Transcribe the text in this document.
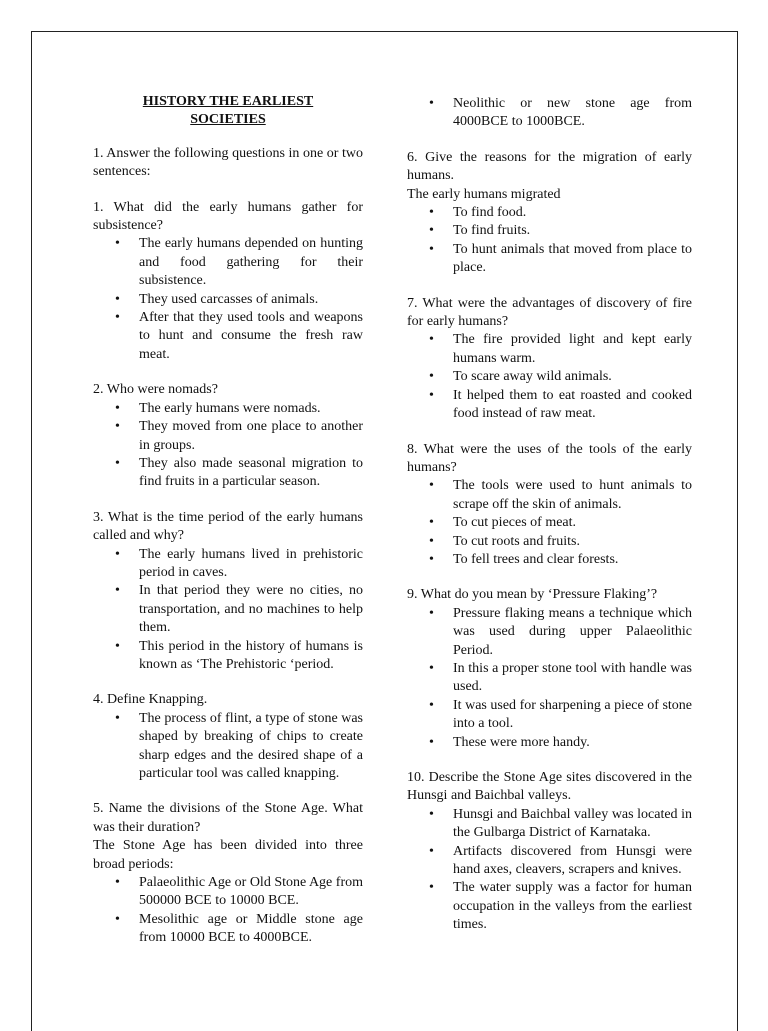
HISTORY THE EARLIEST SOCIETIES

1. Answer the following questions in one or two sentences:

1. What did the early humans gather for subsistence?

• The early humans depended on hunting and food gathering for their subsistence.
• They used carcasses of animals.
• After that they used tools and weapons to hunt and consume the fresh raw meat.

2. Who were nomads?

• The early humans were nomads.
• They moved from one place to another in groups.
• They also made seasonal migration to find fruits in a particular season.

3. What is the time period of the early humans called and why?

• The early humans lived in prehistoric period in caves.
• In that period they were no cities, no transportation, and no machines to help them.
• This period in the history of humans is known as ‘The Prehistoric ‘period.

4. Define Knapping.

• The process of flint, a type of stone was shaped by breaking of chips to create sharp edges and the desired shape of a particular tool was called knapping.

5. Name the divisions of the Stone Age. What was their duration?

The Stone Age has been divided into three broad periods:

• Palaeolithic Age or Old Stone Age from 500000 BCE to 10000 BCE.
• Mesolithic age or Middle stone age from 10000 BCE to 4000BCE.
• Neolithic or new stone age from 4000BCE to 1000BCE.

6. Give the reasons for the migration of early humans.

The early humans migrated

• To find food.
• To find fruits.
• To hunt animals that moved from place to place.

7. What were the advantages of discovery of fire for early humans?

• The fire provided light and kept early humans warm.
• To scare away wild animals.
• It helped them to eat roasted and cooked food instead of raw meat.

8. What were the uses of the tools of the early humans?

• The tools were used to hunt animals to scrape off the skin of animals.
• To cut pieces of meat.
• To cut roots and fruits.
• To fell trees and clear forests.

9. What do you mean by ‘Pressure Flaking’?

• Pressure flaking means a technique which was used during upper Palaeolithic Period.
• In this a proper stone tool with handle was used.
• It was used for sharpening a piece of stone into a tool.
• These were more handy.

10. Describe the Stone Age sites discovered in the Hunsgi and Baichbal valleys.

• Hunsgi and Baichbal valley was located in the Gulbarga District of Karnataka.
• Artifacts discovered from Hunsgi were hand axes, cleavers, scrapers and knives.
• The water supply was a factor for human occupation in the valleys from the earliest times.
